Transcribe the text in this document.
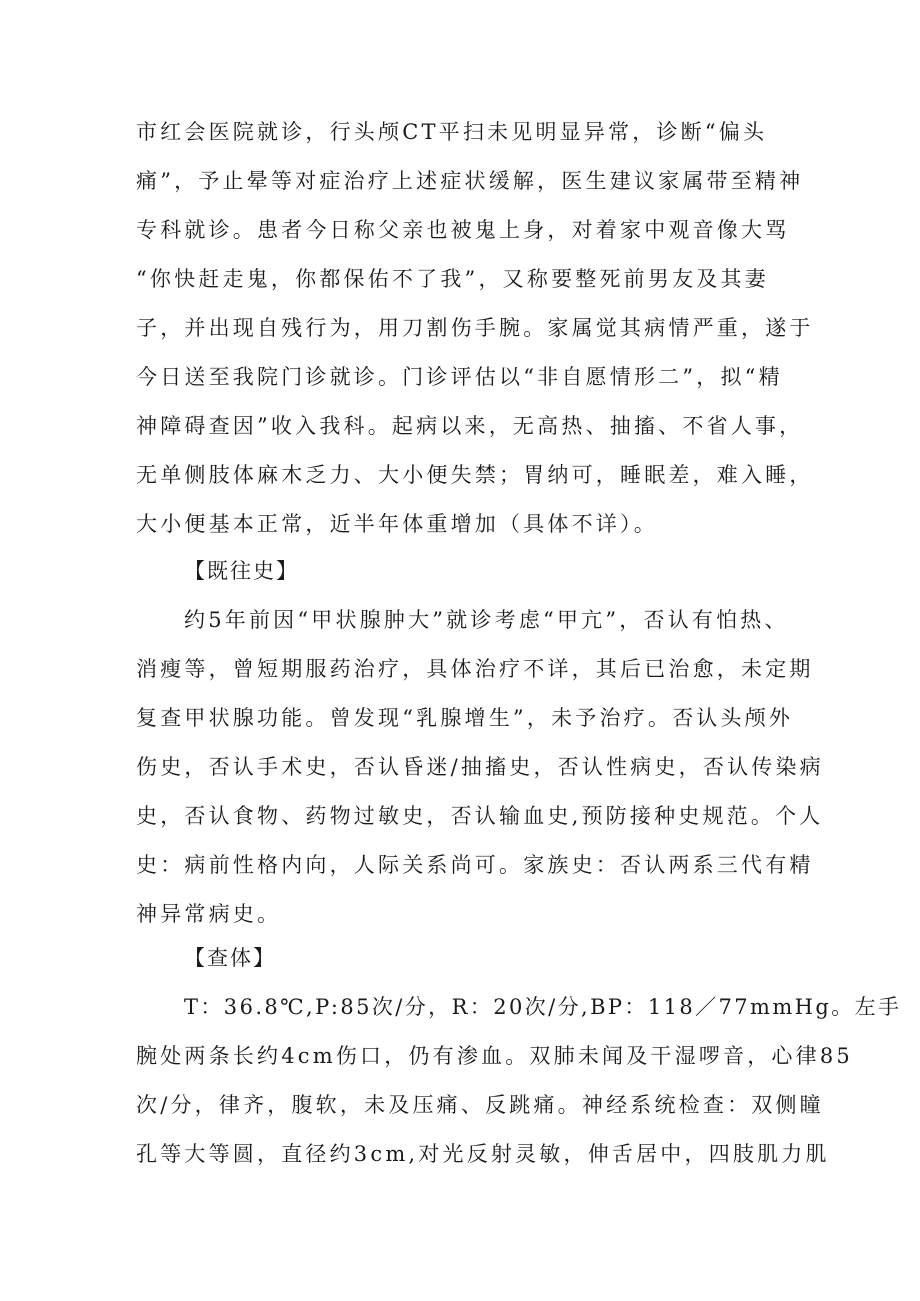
市红会医院就诊，行头颅CT平扫未见明显异常，诊断“偏头
痛”，予止晕等对症治疗上述症状缓解，医生建议家属带至精神
专科就诊。患者今日称父亲也被鬼上身，对着家中观音像大骂
“你快赶走鬼，你都保佑不了我”，又称要整死前男友及其妻
子，并出现自残行为，用刀割伤手腕。家属觉其病情严重，遂于
今日送至我院门诊就诊。门诊评估以“非自愿情形二”，拟“精
神障碍查因”收入我科。起病以来，无高热、抽搐、不省人事，
无单侧肢体麻木乏力、大小便失禁；胃纳可，睡眠差，难入睡，
大小便基本正常，近半年体重增加（具体不详）。
【既往史】
约5年前因“甲状腺肿大”就诊考虑“甲亢”，否认有怕热、
消瘦等，曾短期服药治疗，具体治疗不详，其后已治愈，未定期
复查甲状腺功能。曾发现“乳腺增生”，未予治疗。否认头颅外
伤史，否认手术史，否认昏迷/抽搐史，否认性病史，否认传染病
史，否认食物、药物过敏史，否认输血史,预防接种史规范。个人
史：病前性格内向，人际关系尚可。家族史：否认两系三代有精
神异常病史。
【查体】
T：36.8℃,P:85次/分，R：20次/分,BP：118／77mmHg。左手
腕处两条长约4cm伤口，仍有渗血。双肺未闻及干湿啰音，心律85
次/分，律齐，腹软，未及压痛、反跳痛。神经系统检查：双侧瞳
孔等大等圆，直径约3cm,对光反射灵敏，伸舌居中，四肢肌力肌
